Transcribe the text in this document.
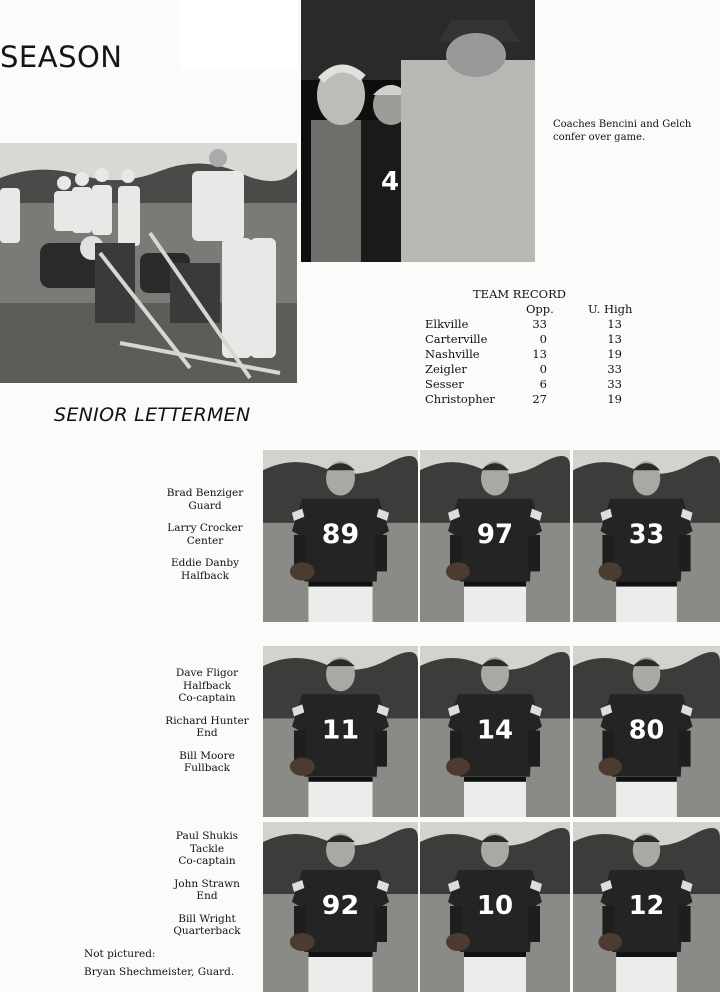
SEASON
4
Coaches Bencini and Gelch confer over game.
TEAM RECORD
Opp.	U. High
Elkville	33	13
Carterville	0	13
Nashville	13	19
Zeigler	0	33
Sesser	6	33
Christopher	27	19
SENIOR LETTERMEN
Brad Benziger
Guard
Larry Crocker
Center
Eddie Danby
Halfback
Dave Fligor
Halfback
Co-captain
Richard Hunter
End
Bill Moore
Fullback
Paul Shukis
Tackle
Co-captain
John Strawn
End
Bill Wright
Quarterback
Not pictured:
Bryan Shechmeister, Guard.
89	97	33
11	14	80
92	10	12
